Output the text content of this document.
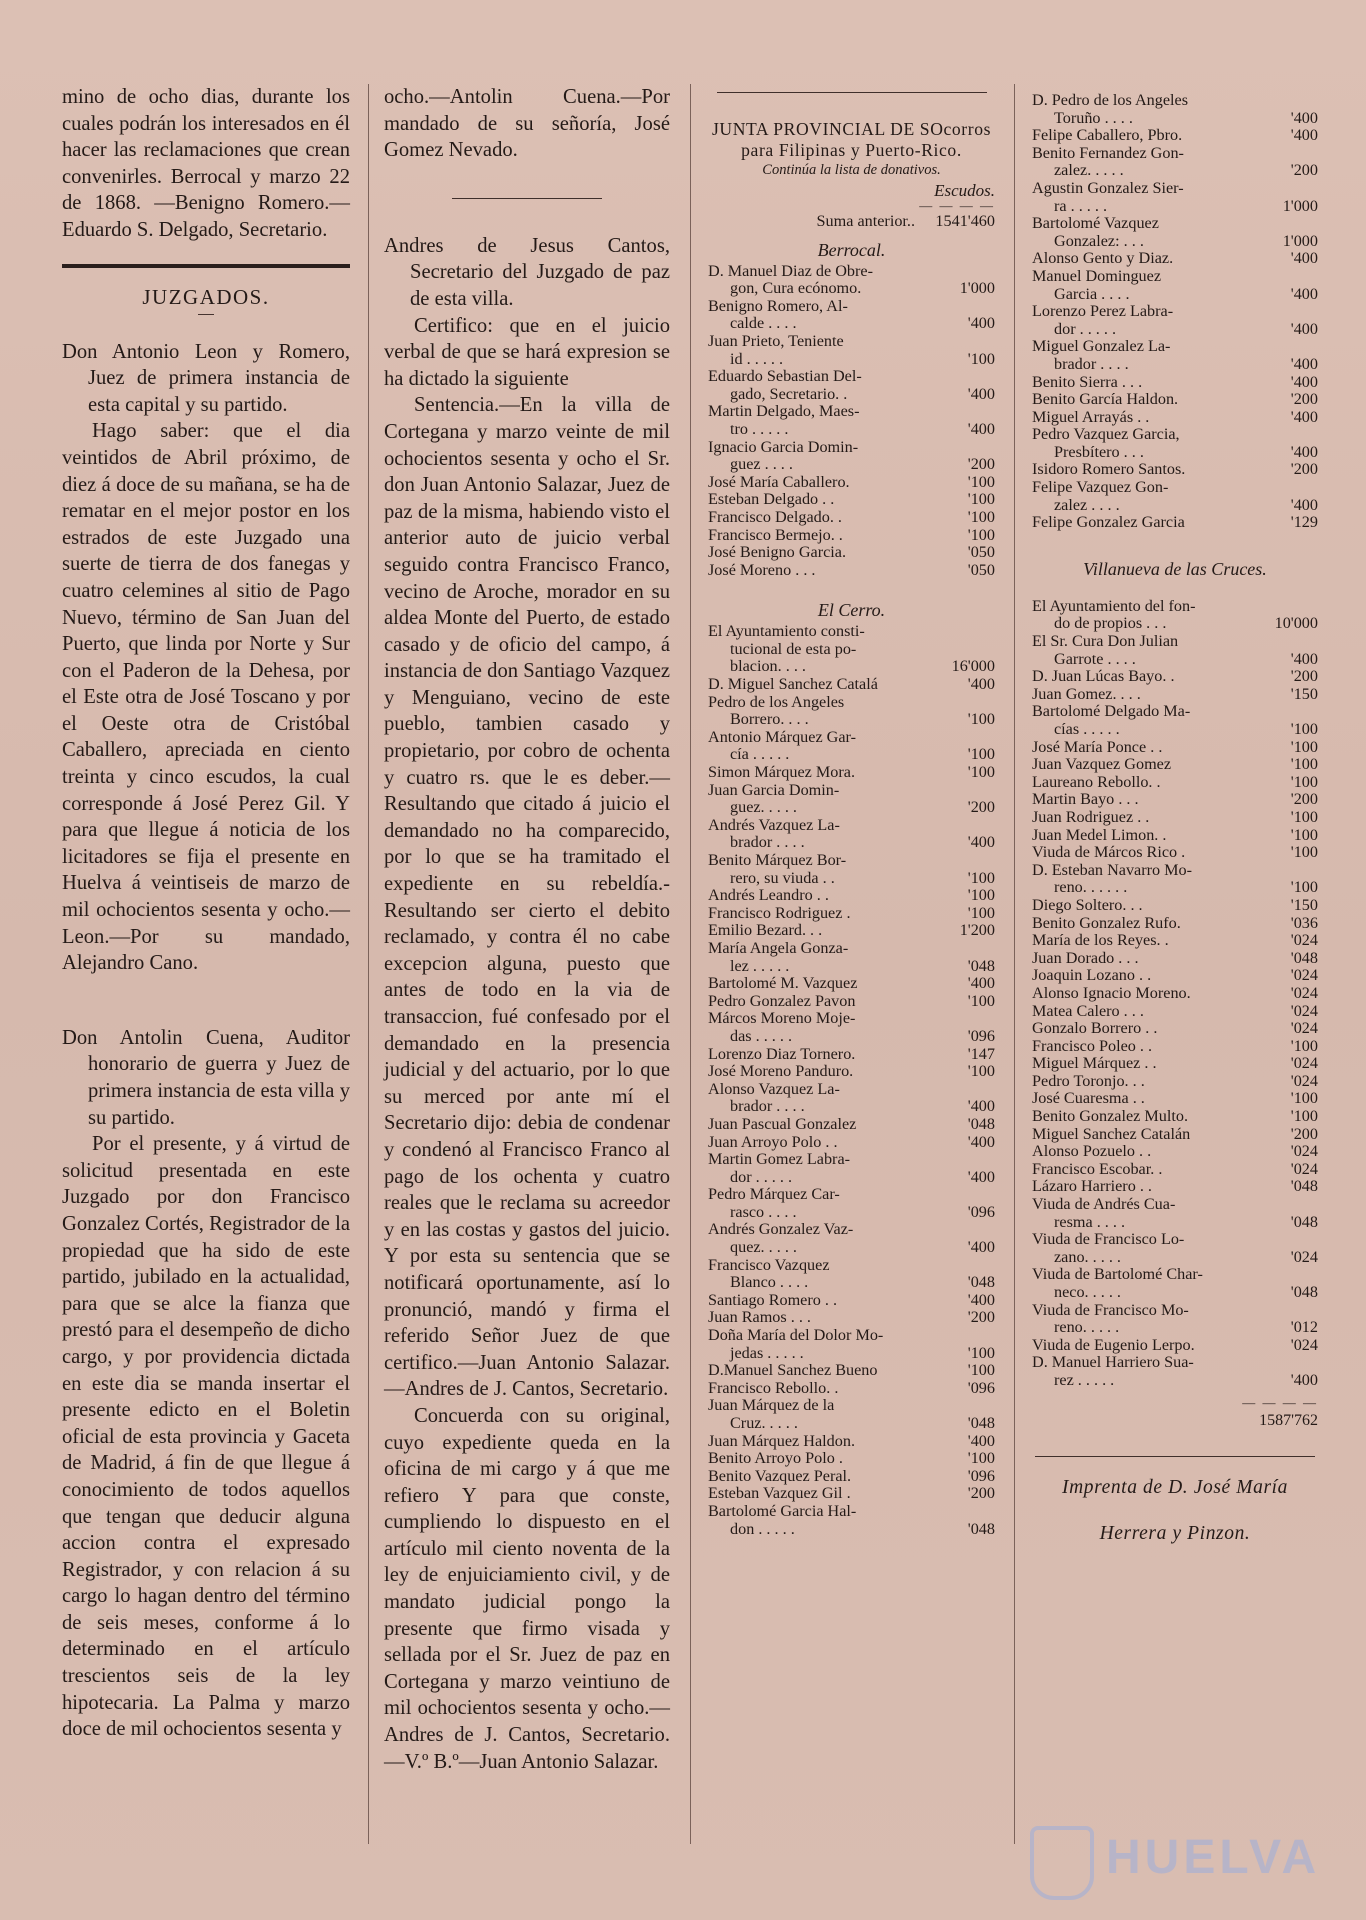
mino de ocho dias, durante los cuales podrán los interesados en él hacer las reclamaciones que crean convenirles. Berrocal y marzo 22 de 1868. —Benigno Romero.—Eduardo S. Delgado, Secretario.

JUZGADOS.

Don Antonio Leon y Romero, Juez de primera instancia de esta capital y su partido.

Hago saber: que el dia veintidos de Abril próximo, de diez á doce de su mañana, se ha de rematar en el mejor postor en los estrados de este Juzgado una suerte de tierra de dos fanegas y cuatro celemines al sitio de Pago Nuevo, término de San Juan del Puerto, que linda por Norte y Sur con el Paderon de la Dehesa, por el Este otra de José Toscano y por el Oeste otra de Cristóbal Caballero, apreciada en ciento treinta y cinco escudos, la cual corresponde á José Perez Gil. Y para que llegue á noticia de los licitadores se fija el presente en Huelva á veintiseis de marzo de mil ochocientos sesenta y ocho.—Leon.—Por su mandado, Alejandro Cano.

Don Antolin Cuena, Auditor honorario de guerra y Juez de primera instancia de esta villa y su partido.

Por el presente, y á virtud de solicitud presentada en este Juzgado por don Francisco Gonzalez Cortés, Registrador de la propiedad que ha sido de este partido, jubilado en la actualidad, para que se alce la fianza que prestó para el desempeño de dicho cargo, y por providencia dictada en este dia se manda insertar el presente edicto en el Boletin oficial de esta provincia y Gaceta de Madrid, á fin de que llegue á conocimiento de todos aquellos que tengan que deducir alguna accion contra el expresado Registrador, y con relacion á su cargo lo hagan dentro del término de seis meses, conforme á lo determinado en el artículo trescientos seis de la ley hipotecaria. La Palma y marzo doce de mil ochocientos sesenta y

ocho.—Antolin Cuena.—Por mandado de su señoría, José Gomez Nevado.

Andres de Jesus Cantos, Secretario del Juzgado de paz de esta villa.

Certifico: que en el juicio verbal de que se hará expresion se ha dictado la siguiente

Sentencia.—En la villa de Cortegana y marzo veinte de mil ochocientos sesenta y ocho el Sr. don Juan Antonio Salazar, Juez de paz de la misma, habiendo visto el anterior auto de juicio verbal seguido contra Francisco Franco, vecino de Aroche, morador en su aldea Monte del Puerto, de estado casado y de oficio del campo, á instancia de don Santiago Vazquez y Menguiano, vecino de este pueblo, tambien casado y propietario, por cobro de ochenta y cuatro rs. que le es deber.—Resultando que citado á juicio el demandado no ha comparecido, por lo que se ha tramitado el expediente en su rebeldía.-Resultando ser cierto el debito reclamado, y contra él no cabe excepcion alguna, puesto que antes de todo en la via de transaccion, fué confesado por el demandado en la presencia judicial y del actuario, por lo que su merced por ante mí el Secretario dijo: debia de condenar y condenó al Francisco Franco al pago de los ochenta y cuatro reales que le reclama su acreedor y en las costas y gastos del juicio. Y por esta su sentencia que se notificará oportunamente, así lo pronunció, mandó y firma el referido Señor Juez de que certifico.—Juan Antonio Salazar.—Andres de J. Cantos, Secretario.

Concuerda con su original, cuyo expediente queda en la oficina de mi cargo y á que me refiero Y para que conste, cumpliendo lo dispuesto en el artículo mil ciento noventa de la ley de enjuiciamiento civil, y de mandato judicial pongo la presente que firmo visada y sellada por el Sr. Juez de paz en Cortegana y marzo veintiuno de mil ochocientos sesenta y ocho.—Andres de J. Cantos, Secretario. —V.º B.º—Juan Antonio Salazar.

JUNTA PROVINCIAL DE SOcorros para Filipinas y Puerto-Rico.
Continúa la lista de donativos.
Escudos.
— — — —
Suma anterior..	1541'460
Berrocal.
D. Manuel Diaz de Obre-
gon, Cura ecónomo.	1'000
Benigno Romero, Al-
calde . . . .	'400
Juan Prieto, Teniente
id . . . . .	'100
Eduardo Sebastian Del-
gado, Secretario. .	'400
Martin Delgado, Maes-
tro . . . . .	'400
Ignacio Garcia Domin-
guez . . . .	'200
José María Caballero.	'100
Esteban Delgado . .	'100
Francisco Delgado. .	'100
Francisco Bermejo. .	'100
José Benigno Garcia.	'050
José Moreno . . .	'050
El Cerro.
El Ayuntamiento consti-
tucional de esta po-
blacion. . . .	16'000
D. Miguel Sanchez Catalá	'400
Pedro de los Angeles
Borrero. . . .	'100
Antonio Márquez Gar-
cía . . . . .	'100
Simon Márquez Mora.	'100
Juan Garcia Domin-
guez. . . . .	'200
Andrés Vazquez La-
brador . . . .	'400
Benito Márquez Bor-
rero, su viuda . .	'100
Andrés Leandro . .	'100
Francisco Rodriguez .	'100
Emilio Bezard. . .	1'200
María Angela Gonza-
lez . . . . .	'048
Bartolomé M. Vazquez	'400
Pedro Gonzalez Pavon	'100
Márcos Moreno Moje-
das . . . . .	'096
Lorenzo Diaz Tornero.	'147
José Moreno Panduro.	'100
Alonso Vazquez La-
brador . . . .	'400
Juan Pascual Gonzalez	'048
Juan Arroyo Polo . .	'400
Martin Gomez Labra-
dor . . . . .	'400
Pedro Márquez Car-
rasco . . . .	'096
Andrés Gonzalez Vaz-
quez. . . . .	'400
Francisco Vazquez
Blanco . . . .	'048
Santiago Romero . .	'400
Juan Ramos . . .	'200
Doña María del Dolor Mo-
jedas . . . . .	'100
D.Manuel Sanchez Bueno	'100
Francisco Rebollo. .	'096
Juan Márquez de la
Cruz. . . . .	'048
Juan Márquez Haldon.	'400
Benito Arroyo Polo .	'100
Benito Vazquez Peral.	'096
Esteban Vazquez Gil .	'200
Bartolomé Garcia Hal-
don . . . . .	'048
D. Pedro de los Angeles
Toruño . . . .	'400
Felipe Caballero, Pbro.	'400
Benito Fernandez Gon-
zalez. . . . .	'200
Agustin Gonzalez Sier-
ra . . . . .	1'000
Bartolomé Vazquez
Gonzalez: . . .	1'000
Alonso Gento y Diaz.	'400
Manuel Dominguez
Garcia . . . .	'400
Lorenzo Perez Labra-
dor . . . . .	'400
Miguel Gonzalez La-
brador . . . .	'400
Benito Sierra . . .	'400
Benito García Haldon.	'200
Miguel Arrayás . .	'400
Pedro Vazquez Garcia,
Presbítero . . .	'400
Isidoro Romero Santos.	'200
Felipe Vazquez Gon-
zalez . . . .	'400
Felipe Gonzalez Garcia	'129
Villanueva de las Cruces.
El Ayuntamiento del fon-
do de propios . . .	10'000
El Sr. Cura Don Julian
Garrote . . . .	'400
D. Juan Lúcas Bayo. .	'200
Juan Gomez. . . .	'150
Bartolomé Delgado Ma-
cías . . . . .	'100
José María Ponce . .	'100
Juan Vazquez Gomez	'100
Laureano Rebollo. .	'100
Martin Bayo . . .	'200
Juan Rodriguez . .	'100
Juan Medel Limon. .	'100
Viuda de Márcos Rico .	'100
D. Esteban Navarro Mo-
reno. . . . . .	'100
Diego Soltero. . .	'150
Benito Gonzalez Rufo.	'036
María de los Reyes. .	'024
Juan Dorado . . .	'048
Joaquin Lozano . .	'024
Alonso Ignacio Moreno.	'024
Matea Calero . . .	'024
Gonzalo Borrero . .	'024
Francisco Poleo . .	'100
Miguel Márquez . .	'024
Pedro Toronjo. . .	'024
José Cuaresma . .	'100
Benito Gonzalez Multo.	'100
Miguel Sanchez Catalán	'200
Alonso Pozuelo . .	'024
Francisco Escobar. .	'024
Lázaro Harriero . .	'048
Viuda de Andrés Cua-
resma . . . .	'048
Viuda de Francisco Lo-
zano. . . . .	'024
Viuda de Bartolomé Char-
neco. . . . .	'048
Viuda de Francisco Mo-
reno. . . . .	'012
Viuda de Eugenio Lerpo.	'024
D. Manuel Harriero Sua-
rez . . . . .	'400
— — — —
1587'762
Imprenta de D. José María
Herrera y Pinzon.
HUELVA
